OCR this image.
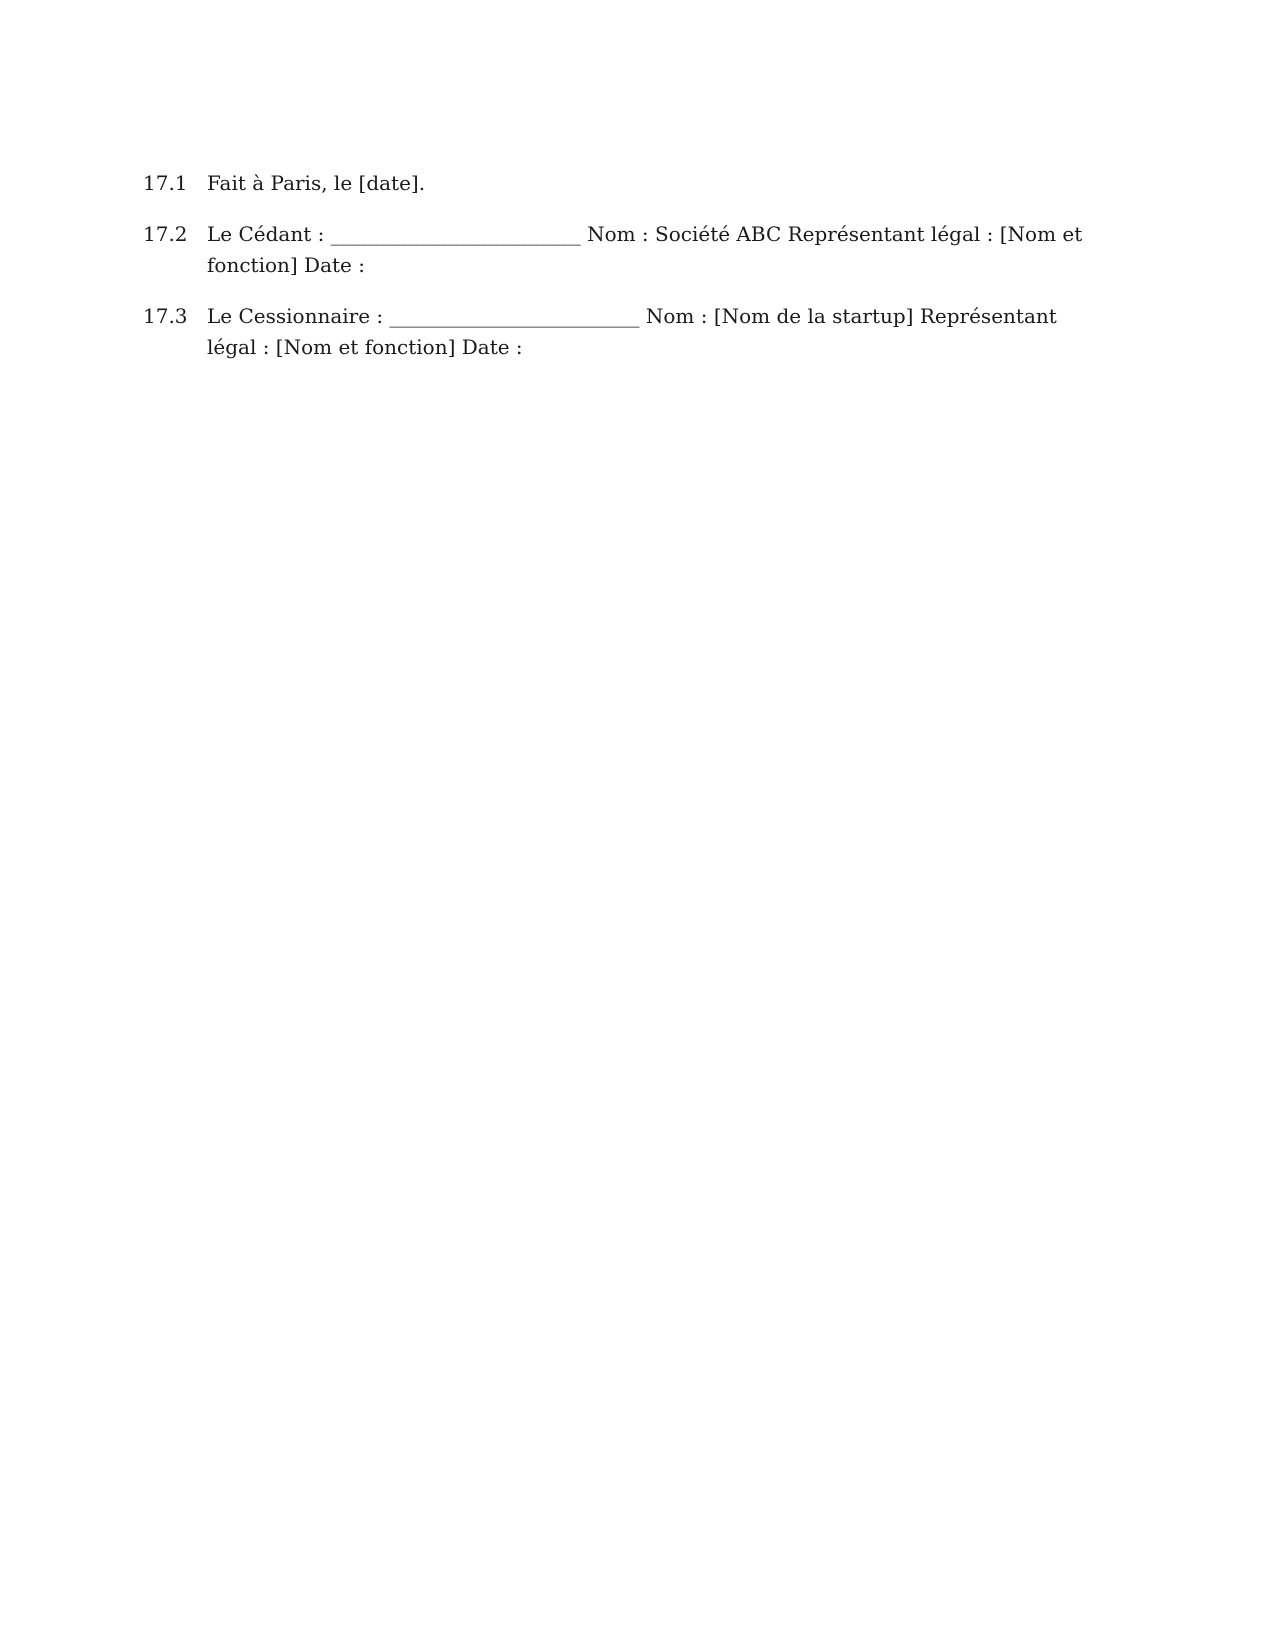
17.1 Fait à Paris, le [date].
17.2 Le Cédant : _________________________ Nom : Société ABC Représentant légal : [Nom et fonction] Date :
17.3 Le Cessionnaire : _________________________ Nom : [Nom de la startup] Représentant légal : [Nom et fonction] Date :
